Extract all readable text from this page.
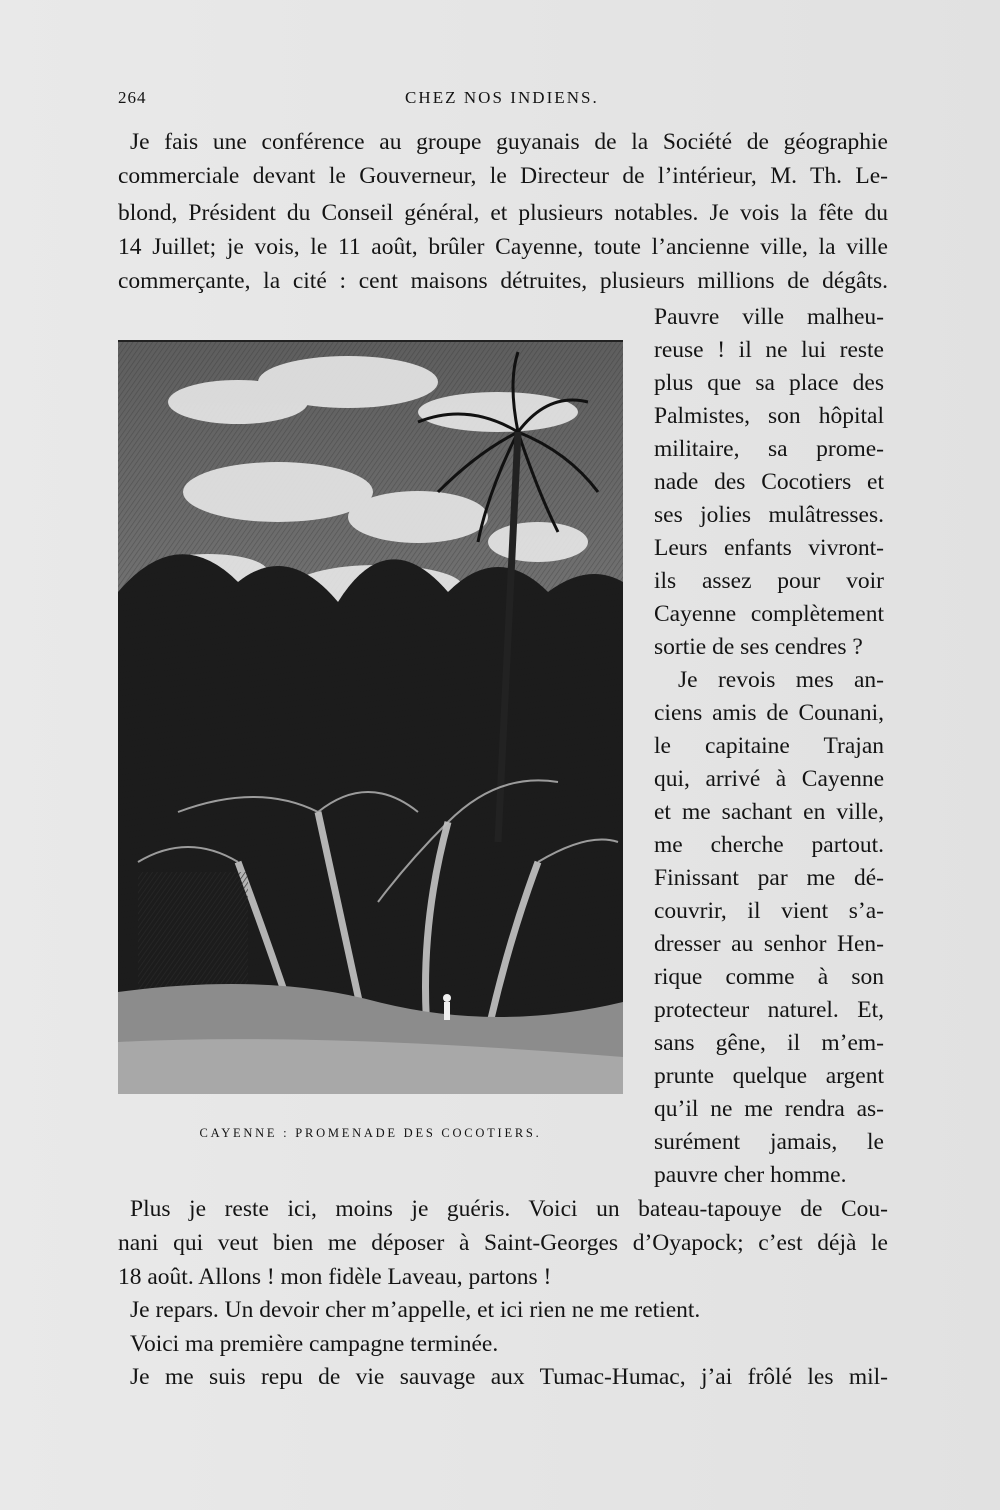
264	CHEZ NOS INDIENS.
Je fais une conférence au groupe guyanais de la Société de géographie
commerciale devant le Gouverneur, le Directeur de l’intérieur, M. Th. Le-
blond, Président du Conseil général, et plusieurs notables. Je vois la fête du
14 Juillet; je vois, le 11 août, brûler Cayenne, toute l’ancienne ville, la ville
commerçante, la cité : cent maisons détruites, plusieurs millions de dégâts.
Pauvre ville malheu-
reuse ! il ne lui reste
plus que sa place des
Palmistes, son hôpital
militaire, sa prome-
nade des Cocotiers et
ses jolies mulâtresses.
Leurs enfants vivront-
ils assez pour voir
Cayenne complètement
sortie de ses cendres ?
Je revois mes an-
ciens amis de Counani,
le capitaine Trajan
qui, arrivé à Cayenne
et me sachant en ville,
me cherche partout.
Finissant par me dé-
couvrir, il vient s’a-
dresser au senhor Hen-
rique comme à son
protecteur naturel. Et,
sans gêne, il m’em-
prunte quelque argent
qu’il ne me rendra as-
surément jamais, le
pauvre cher homme.
CAYENNE : PROMENADE DES COCOTIERS.
Plus je reste ici, moins je guéris. Voici un bateau-tapouye de Cou-
nani qui veut bien me déposer à Saint-Georges d’Oyapock; c’est déjà le
18 août. Allons ! mon fidèle Laveau, partons !
Je repars. Un devoir cher m’appelle, et ici rien ne me retient.
Voici ma première campagne terminée.
Je me suis repu de vie sauvage aux Tumac-Humac, j’ai frôlé les mil-
